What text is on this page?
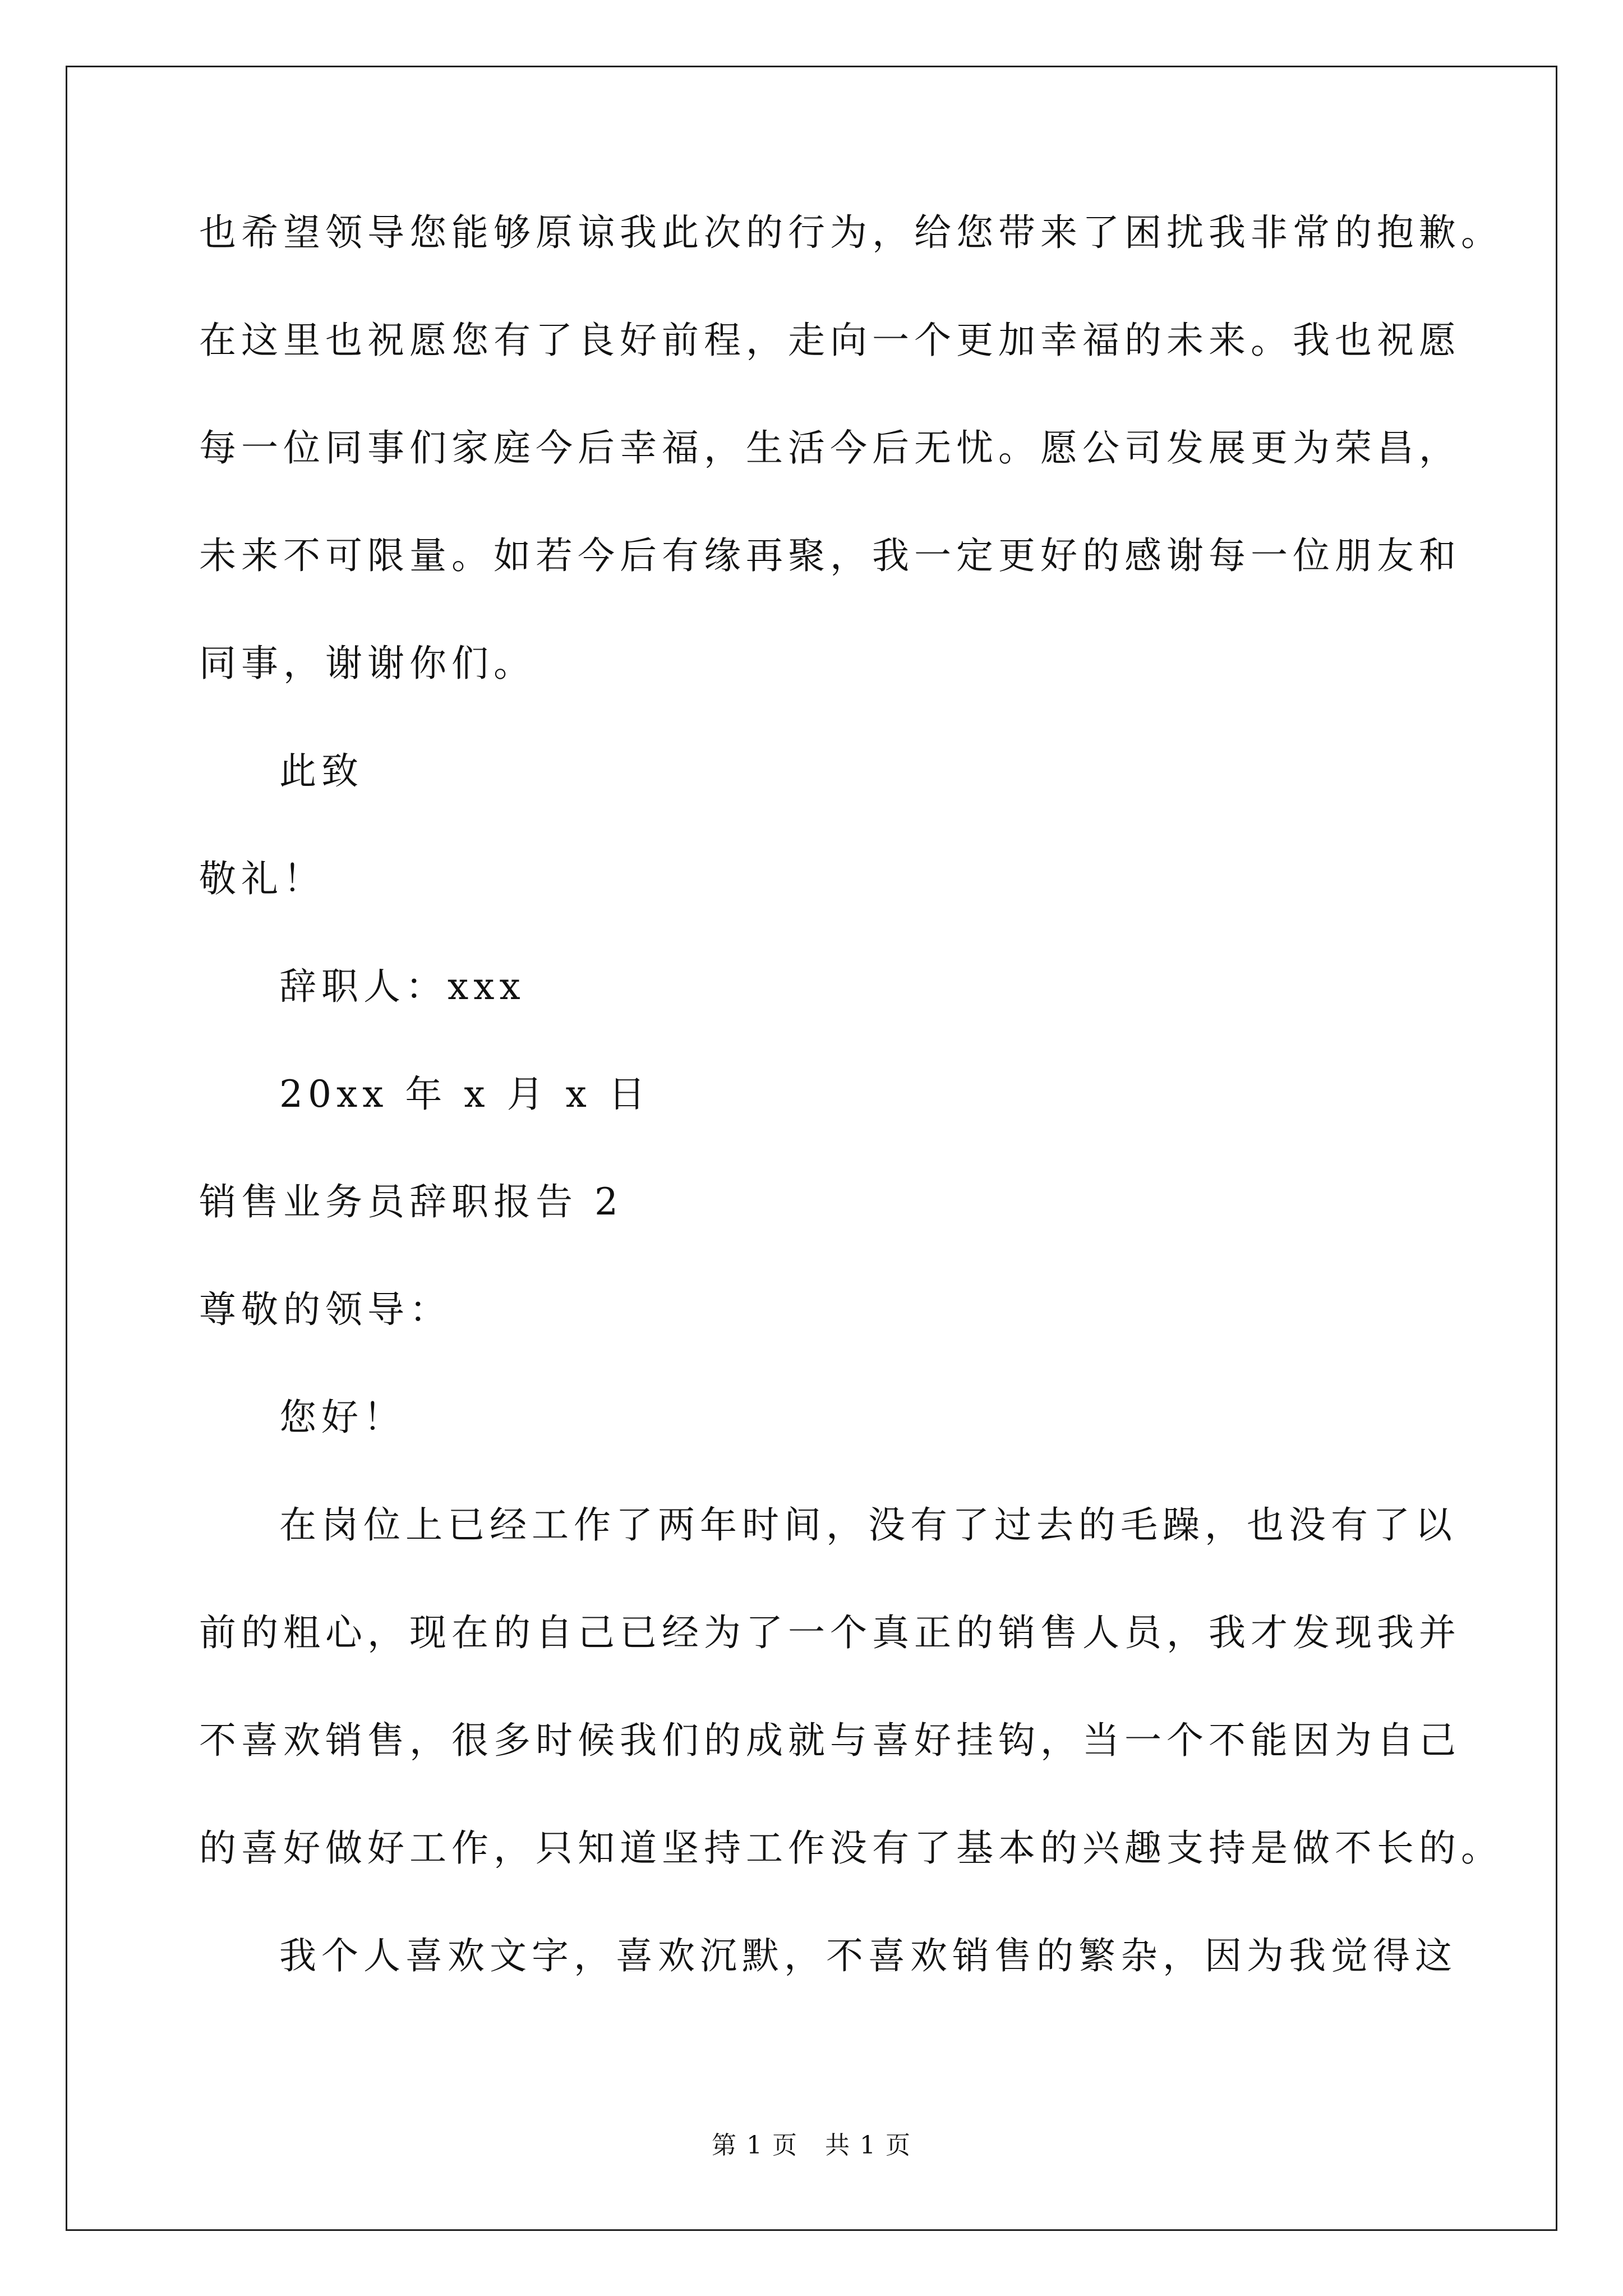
也希望领导您能够原谅我此次的行为，给您带来了困扰我非常的抱歉。
在这里也祝愿您有了良好前程，走向一个更加幸福的未来。我也祝愿
每一位同事们家庭今后幸福，生活今后无忧。愿公司发展更为荣昌，
未来不可限量。如若今后有缘再聚，我一定更好的感谢每一位朋友和
同事，谢谢你们。
此致
敬礼！
辞职人：xxx
20xx 年 x 月 x 日
销售业务员辞职报告 2
尊敬的领导：
您好！
在岗位上已经工作了两年时间，没有了过去的毛躁，也没有了以
前的粗心，现在的自己已经为了一个真正的销售人员，我才发现我并
不喜欢销售，很多时候我们的成就与喜好挂钩，当一个不能因为自己
的喜好做好工作，只知道坚持工作没有了基本的兴趣支持是做不长的。
我个人喜欢文字，喜欢沉默，不喜欢销售的繁杂，因为我觉得这
第 1 页 共 1 页
